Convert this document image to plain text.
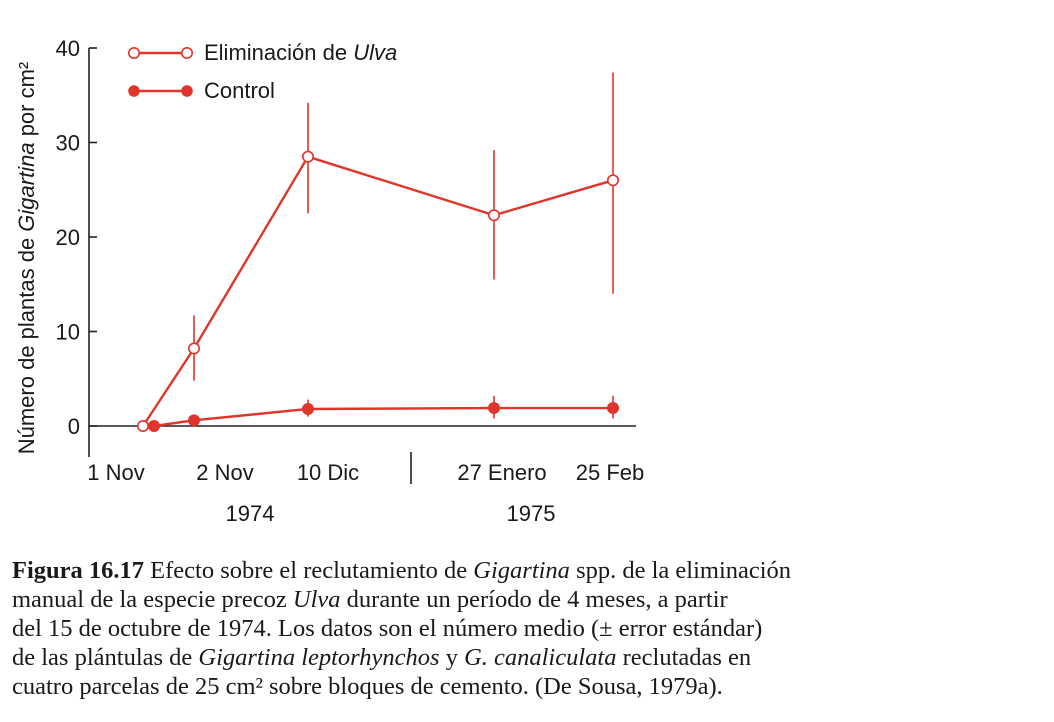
Número de plantas de Gigartina por cm²
0
10
20
30
40
1 Nov 2 Nov 10 Dic	27 Enero 25 Feb
1974	1975
Eliminación de Ulva
Control
Figura 16.17 Efecto sobre el reclutamiento de Gigartina spp. de la eliminación
manual de la especie precoz Ulva durante un período de 4 meses, a partir
del 15 de octubre de 1974. Los datos son el número medio (± error estándar)
de las plántulas de Gigartina leptorhynchos y G. canaliculata reclutadas en
cuatro parcelas de 25 cm² sobre bloques de cemento. (De Sousa, 1979a).
